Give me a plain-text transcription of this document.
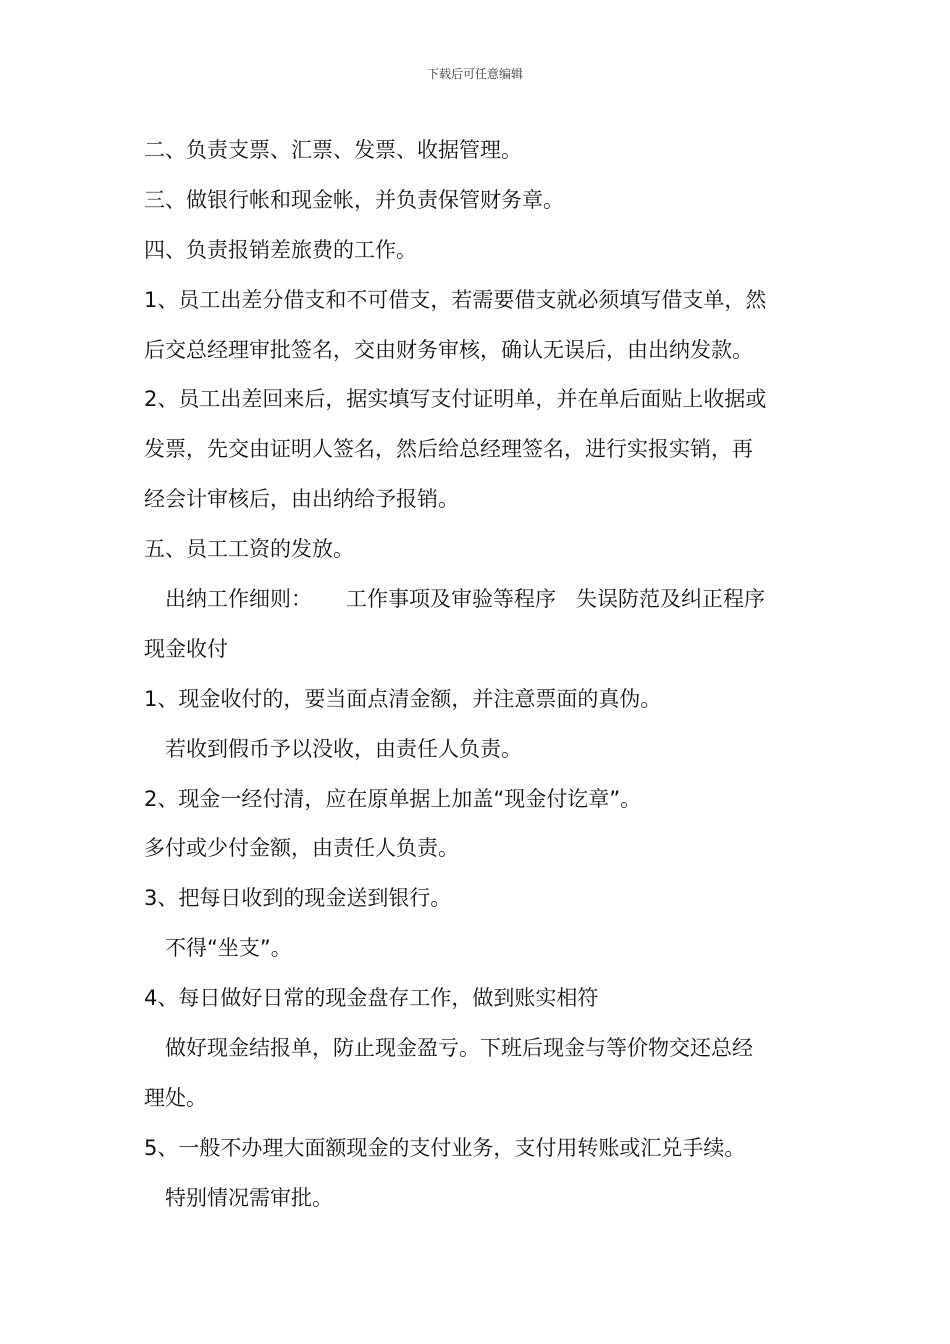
下载后可任意编辑
二、负责支票、汇票、发票、收据管理。
三、做银行帐和现金帐，并负责保管财务章。
四、负责报销差旅费的工作。
1、员工出差分借支和不可借支，若需要借支就必须填写借支单，然
后交总经理审批签名，交由财务审核，确认无误后，由出纳发款。
2、员工出差回来后，据实填写支付证明单，并在单后面贴上收据或
发票，先交由证明人签名，然后给总经理签名，进行实报实销，再
经会计审核后，由出纳给予报销。
五、员工工资的发放。
出纳工作细则： 工作事项及审验等程序 失误防范及纠正程序
现金收付
1、现金收付的，要当面点清金额，并注意票面的真伪。
若收到假币予以没收，由责任人负责。
2、现金一经付清，应在原单据上加盖“现金付讫章”。
多付或少付金额，由责任人负责。
3、把每日收到的现金送到银行。
不得“坐支”。
4、每日做好日常的现金盘存工作，做到账实相符
做好现金结报单，防止现金盈亏。下班后现金与等价物交还总经
理处。
5、一般不办理大面额现金的支付业务，支付用转账或汇兑手续。
特别情况需审批。
